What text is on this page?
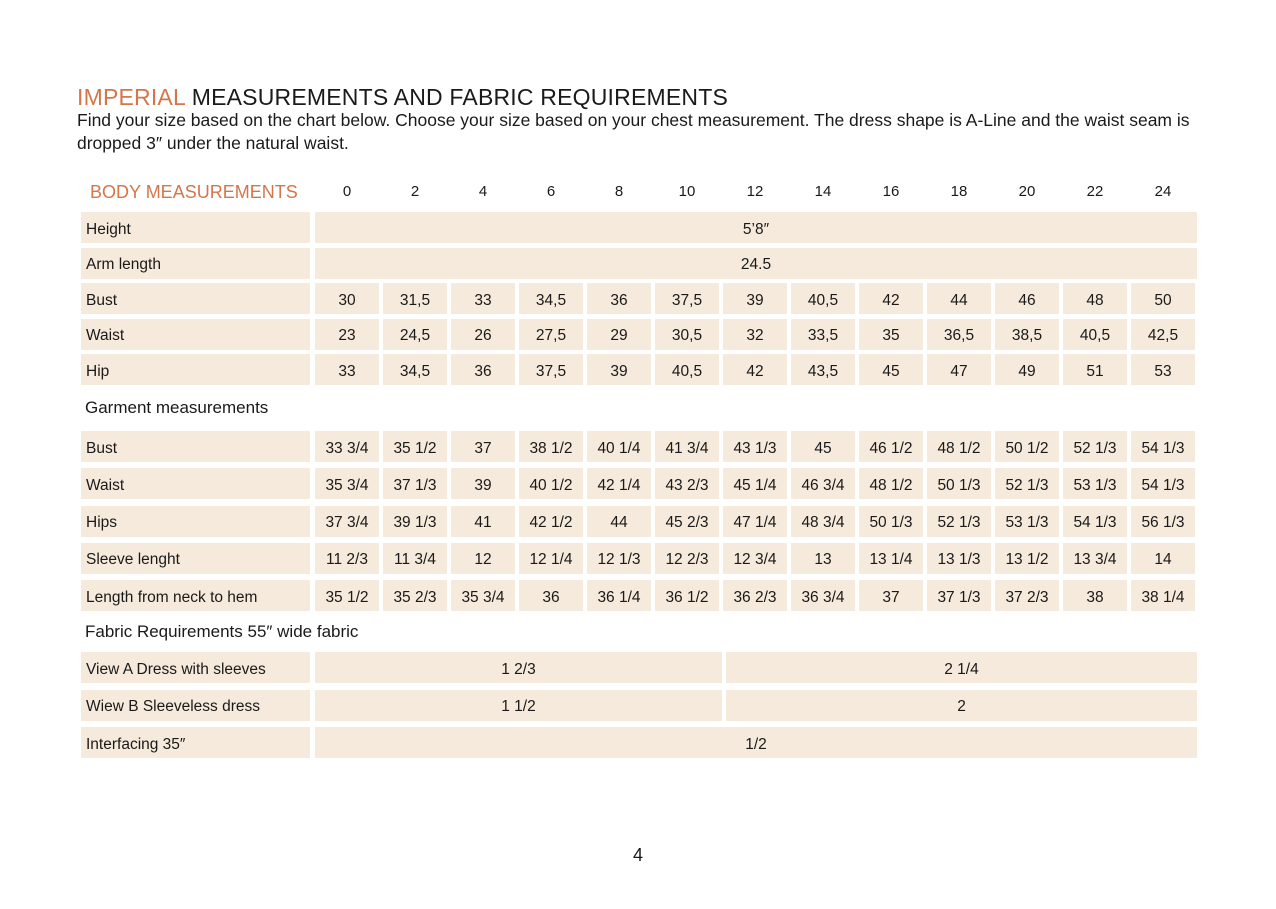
IMPERIAL MEASUREMENTS AND FABRIC REQUIREMENTS
Find your size based on the chart below. Choose your size based on your chest measurement. The dress shape is A-Line and the waist seam is dropped 3″ under the natural waist.
BODY MEASUREMENTS	0	2	4	6	8	10	12	14	16	18	20	22	24
Height	5’8″
Arm length	24.5
Bust	30	31,5	33	34,5	36	37,5	39	40,5	42	44	46	48	50
Waist	23	24,5	26	27,5	29	30,5	32	33,5	35	36,5	38,5	40,5	42,5
Hip	33	34,5	36	37,5	39	40,5	42	43,5	45	47	49	51	53
Garment measurements
Bust	33 3/4	35 1/2	37	38 1/2	40 1/4	41 3/4	43 1/3	45	46 1/2	48 1/2	50 1/2	52 1/3	54 1/3
Waist	35 3/4	37 1/3	39	40 1/2	42 1/4	43 2/3	45 1/4	46 3/4	48 1/2	50 1/3	52 1/3	53 1/3	54 1/3
Hips	37 3/4	39 1/3	41	42 1/2	44	45 2/3	47 1/4	48 3/4	50 1/3	52 1/3	53 1/3	54 1/3	56 1/3
Sleeve lenght	11 2/3	11 3/4	12	12 1/4	12 1/3	12 2/3	12 3/4	13	13 1/4	13 1/3	13 1/2	13 3/4	14
Length from neck to hem	35 1/2	35 2/3	35 3/4	36	36 1/4	36 1/2	36 2/3	36 3/4	37	37 1/3	37 2/3	38	38 1/4
Fabric Requirements 55″ wide fabric
View A Dress with sleeves	1 2/3	2 1/4
Wiew B Sleeveless dress	1 1/2	2
Interfacing 35″	1/2
4
